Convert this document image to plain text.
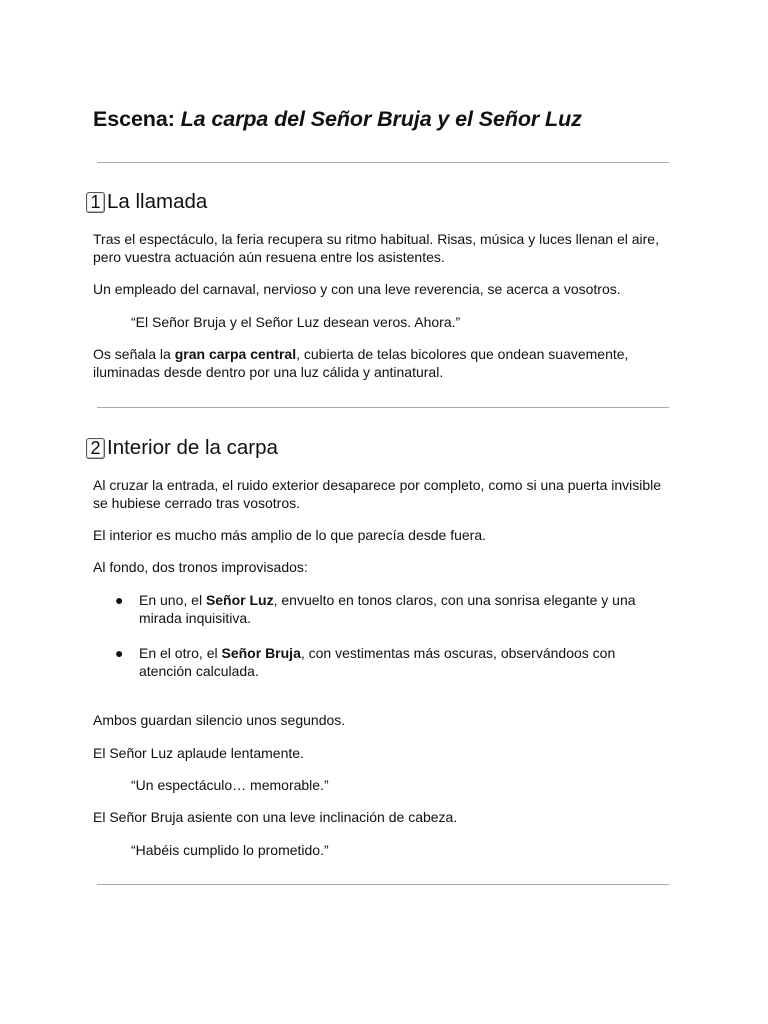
Escena: La carpa del Señor Bruja y el Señor Luz
1 La llamada

Tras el espectáculo, la feria recupera su ritmo habitual. Risas, música y luces llenan el aire, pero vuestra actuación aún resuena entre los asistentes.

Un empleado del carnaval, nervioso y con una leve reverencia, se acerca a vosotros.

“El Señor Bruja y el Señor Luz desean veros. Ahora.”

Os señala la gran carpa central, cubierta de telas bicolores que ondean suavemente, iluminadas desde dentro por una luz cálida y antinatural.

2 Interior de la carpa

Al cruzar la entrada, el ruido exterior desaparece por completo, como si una puerta invisible se hubiese cerrado tras vosotros.

El interior es mucho más amplio de lo que parecía desde fuera.

Al fondo, dos tronos improvisados:

●	En uno, el Señor Luz, envuelto en tonos claros, con una sonrisa elegante y una mirada inquisitiva.
●	En el otro, el Señor Bruja, con vestimentas más oscuras, observándoos con atención calculada.

Ambos guardan silencio unos segundos.

El Señor Luz aplaude lentamente.

“Un espectáculo… memorable.”

El Señor Bruja asiente con una leve inclinación de cabeza.

“Habéis cumplido lo prometido.”
